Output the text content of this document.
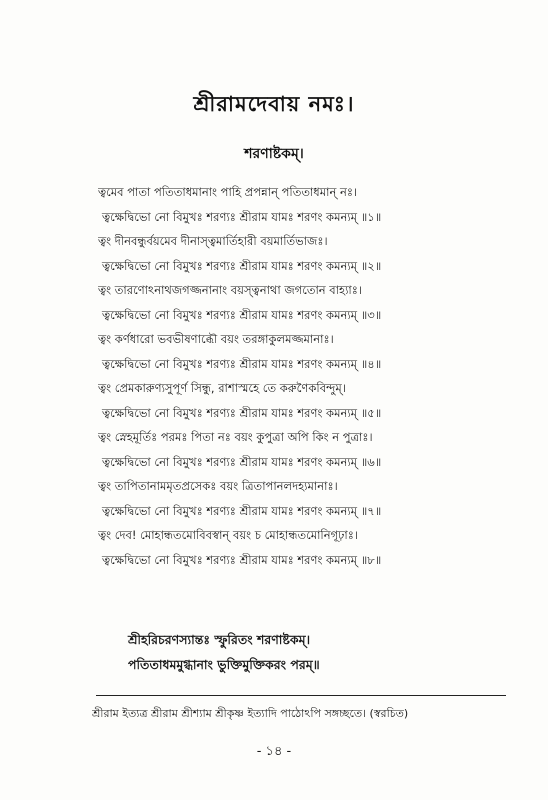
শ্রীরামদেবায় নমঃ।
শরণাষ্টকম্।
ত্বমেব পাতা পতিতাধমানাং পাহি প্রপন্নান্ পতিতাধমান্ নঃ।
ত্বক্ষেদ্বিভো নো বিমুখঃ শরণ্যঃ শ্রীরাম যামঃ শরণং কমন্যম্ ॥১॥
ত্বং দীনবন্ধুর্বয়মেব দীনাস্ত্বমার্তিহারী বয়মার্তিভাজঃ।
ত্বক্ষেদ্বিভো নো বিমুখঃ শরণ্যঃ শ্রীরাম যামঃ শরণং কমন্যম্ ॥২॥
ত্বং তারণোঽনাথজগজ্জনানাং বয়স্ত্বনাথা জগতোন বাহ্যাঃ।
ত্বক্ষেদ্বিভো নো বিমুখঃ শরণ্যঃ শ্রীরাম যামঃ শরণং কমন্যম্ ॥৩॥
ত্বং কর্ণধারো ভবভীষণাব্ধৌ বয়ং তরঙ্গাকুলমজ্জমানাঃ।
ত্বক্ষেদ্বিভো নো বিমুখঃ শরণ্যঃ শ্রীরাম যামঃ শরণং কমন্যম্ ॥৪॥
ত্বং প্রেমকারুণ্যসুপূর্ণ সিন্ধু, রাশাস্মহে তে করুণৈকবিন্দুম্।
ত্বক্ষেদ্বিভো নো বিমুখঃ শরণ্যঃ শ্রীরাম যামঃ শরণং কমন্যম্ ॥৫॥
ত্বং স্নেহমূর্তিঃ পরমঃ পিতা নঃ বয়ং কুপুত্রা অপি কিং ন পুত্রাঃ।
ত্বক্ষেদ্বিভো নো বিমুখঃ শরণ্যঃ শ্রীরাম যামঃ শরণং কমন্যম্ ॥৬॥
ত্বং তাপিতানামমৃতপ্রসেকঃ বয়ং ত্রিতাপানলদহ্যমানাঃ।
ত্বক্ষেদ্বিভো নো বিমুখঃ শরণ্যঃ শ্রীরাম যামঃ শরণং কমন্যম্ ॥৭॥
ত্বং দেব! মোহান্ধতমোবিবস্বান্ বয়ং চ মোহান্ধতমোনিগূঢ়াঃ।
ত্বক্ষেদ্বিভো নো বিমুখঃ শরণ্যঃ শ্রীরাম যামঃ শরণং কমন্যম্ ॥৮॥
শ্রীহরিচরণস্যান্তঃ স্ফুরিতং শরণাষ্টকম্।
পতিতাধমমুগ্ধানাং ভুক্তিমুক্তিকরং পরম্॥
শ্রীরাম ইত্যত্র শ্রীরাম শ্রীশ্যাম শ্রীকৃষ্ণ ইত্যাদি পাঠোঽপি সঙ্গচ্ছতে। (স্বরচিত)
- ১৪ -
